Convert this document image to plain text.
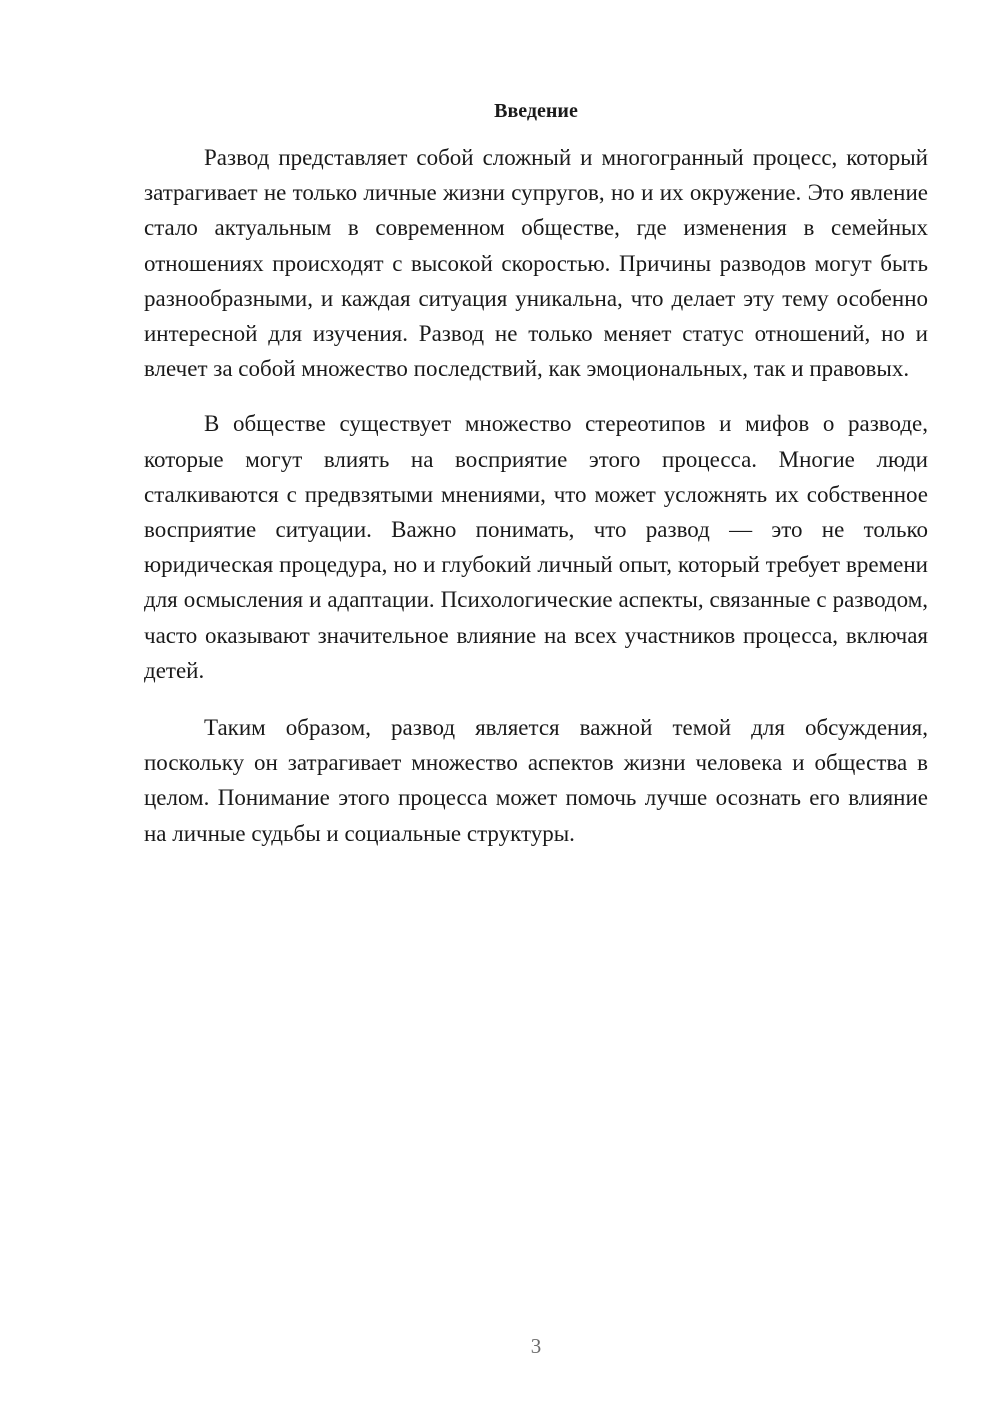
Введение

Развод представляет собой сложный и многогранный процесс, который затрагивает не только личные жизни супругов, но и их окружение. Это явление стало актуальным в современном обществе, где изменения в семейных отношениях происходят с высокой скоростью. Причины разводов могут быть разнообразными, и каждая ситуация уникальна, что делает эту тему особенно интересной для изучения. Развод не только меняет статус отношений, но и влечет за собой множество последствий, как эмоциональных, так и правовых.

В обществе существует множество стереотипов и мифов о разводе, которые могут влиять на восприятие этого процесса. Многие люди сталкиваются с предвзятыми мнениями, что может усложнять их собственное восприятие ситуации. Важно понимать, что развод — это не только юридическая процедура, но и глубокий личный опыт, который требует времени для осмысления и адаптации. Психологические аспекты, связанные с разводом, часто оказывают значительное влияние на всех участников процесса, включая детей.

Таким образом, развод является важной темой для обсуждения, поскольку он затрагивает множество аспектов жизни человека и общества в целом. Понимание этого процесса может помочь лучше осознать его влияние на личные судьбы и социальные структуры.

3
